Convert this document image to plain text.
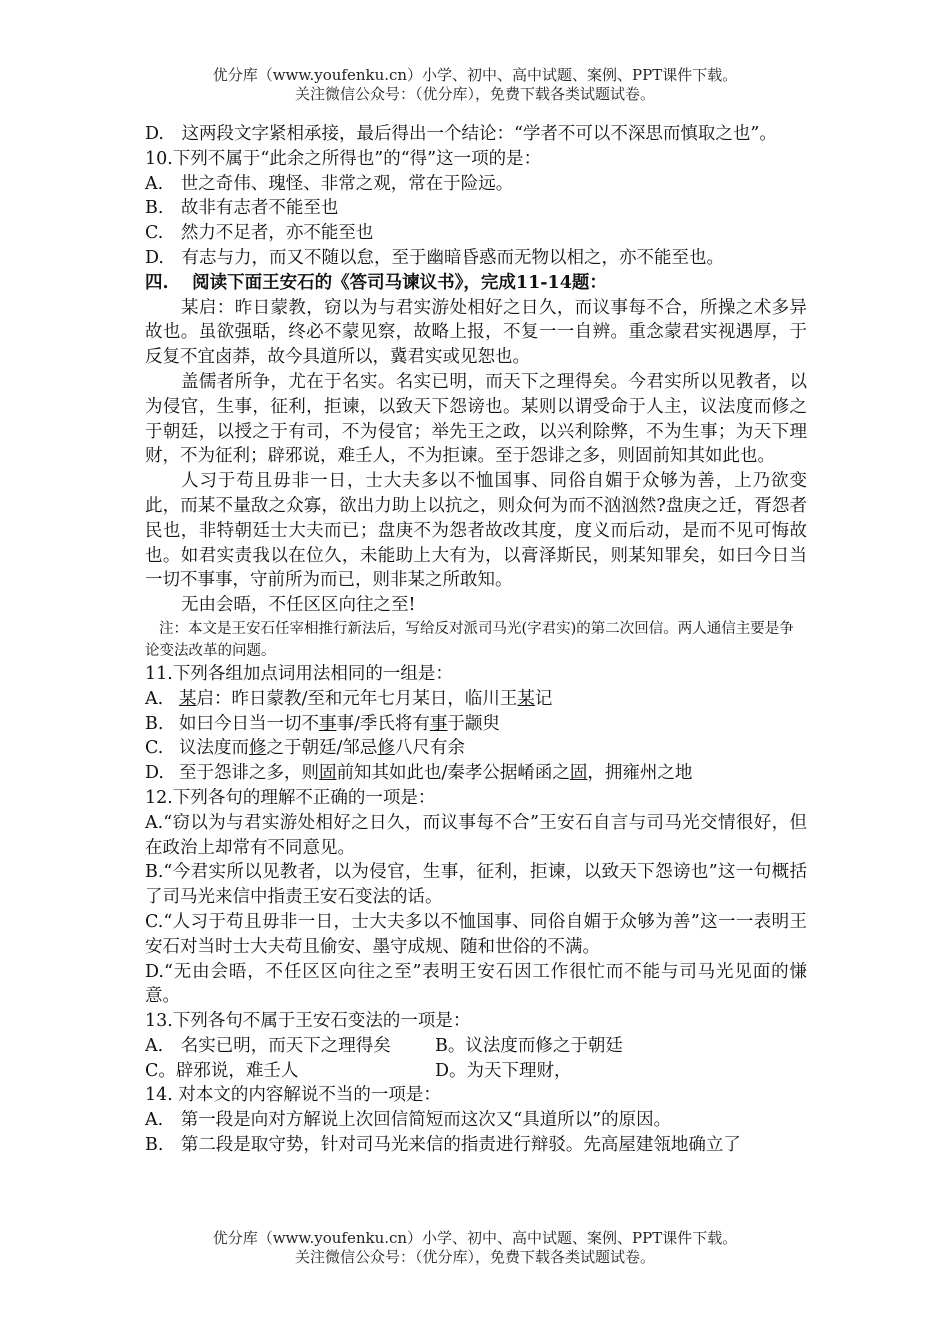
优分库（www.youfenku.cn）小学、初中、高中试题、案例、PPT课件下载。
关注微信公众号：（优分库），免费下载各类试题试卷。

D.　这两段文字紧相承接，最后得出一个结论：“学者不可以不深思而慎取之也”。

10.下列不属于“此余之所得也”的“得”这一项的是：

A.　世之奇伟、瑰怪、非常之观，常在于险远。

B.　故非有志者不能至也

C.　然力不足者，亦不能至也

D.　有志与力，而又不随以怠，至于幽暗昏惑而无物以相之，亦不能至也。

四.　 阅读下面王安石的《答司马谏议书》，完成11-14题：

某启：昨日蒙教，窃以为与君实游处相好之日久，而议事每不合，所操之术多异故也。虽欲强聒，终必不蒙见察，故略上报，不复一一自辨。重念蒙君实视遇厚，于反复不宜卤莽，故今具道所以，冀君实或见恕也。

盖儒者所争，尤在于名实。名实已明，而天下之理得矣。今君实所以见教者，以为侵官，生事，征利，拒谏，以致天下怨谤也。某则以谓受命于人主，议法度而修之于朝廷，以授之于有司，不为侵官；举先王之政，以兴利除弊，不为生事；为天下理财，不为征利；辟邪说，难壬人，不为拒谏。至于怨诽之多，则固前知其如此也。

人习于苟且毋非一日，士大夫多以不恤国事、同俗自媚于众够为善，上乃欲变此，而某不量敌之众寡，欲出力助上以抗之，则众何为而不汹汹然?盘庚之迁，胥怨者民也，非特朝廷士大夫而已；盘庚不为怨者故改其度，度义而后动，是而不见可悔故也。如君实责我以在位久，未能助上大有为，以膏泽斯民，则某知罪矣，如曰今日当一切不事事，守前所为而已，则非某之所敢知。

无由会晤，不任区区向往之至!

注：本文是王安石任宰相推行新法后，写给反对派司马光(字君实)的第二次回信。两人通信主要是争论变法改革的问题。

11.下列各组加点词用法相同的一组是：

A. 某启：昨日蒙教/至和元年七月某日，临川王某记

B. 如曰今日当一切不事事/季氏将有事于颛臾

C. 议法度而修之于朝廷/邹忌修八尺有余

D. 至于怨诽之多，则固前知其如此也/秦孝公据崤函之固，拥雍州之地

12.下列各句的理解不正确的一项是：

A.“窃以为与君实游处相好之日久，而议事每不合”王安石自言与司马光交情很好，但在政治上却常有不同意见。

B.“今君实所以见教者，以为侵官，生事，征利，拒谏，以致天下怨谤也”这一句概括了司马光来信中指责王安石变法的话。

C.“人习于苟且毋非一日，士大夫多以不恤国事、同俗自媚于众够为善”这一一表明王安石对当时士大夫苟且偷安、墨守成规、随和世俗的不满。

D.“无由会晤，不任区区向往之至”表明王安石因工作很忙而不能与司马光见面的慊意。

13.下列各句不属于王安石变法的一项是：

A.　名实已明，而天下之理得矣	B。议法度而修之于朝廷

C。辟邪说，难壬人	D。为天下理财，

14. 对本文的内容解说不当的一项是：

A.　第一段是向对方解说上次回信简短而这次又“具道所以”的原因。

B.　第二段是取守势，针对司马光来信的指责进行辩驳。先高屋建瓴地确立了

优分库（www.youfenku.cn）小学、初中、高中试题、案例、PPT课件下载。
关注微信公众号：（优分库），免费下载各类试题试卷。
